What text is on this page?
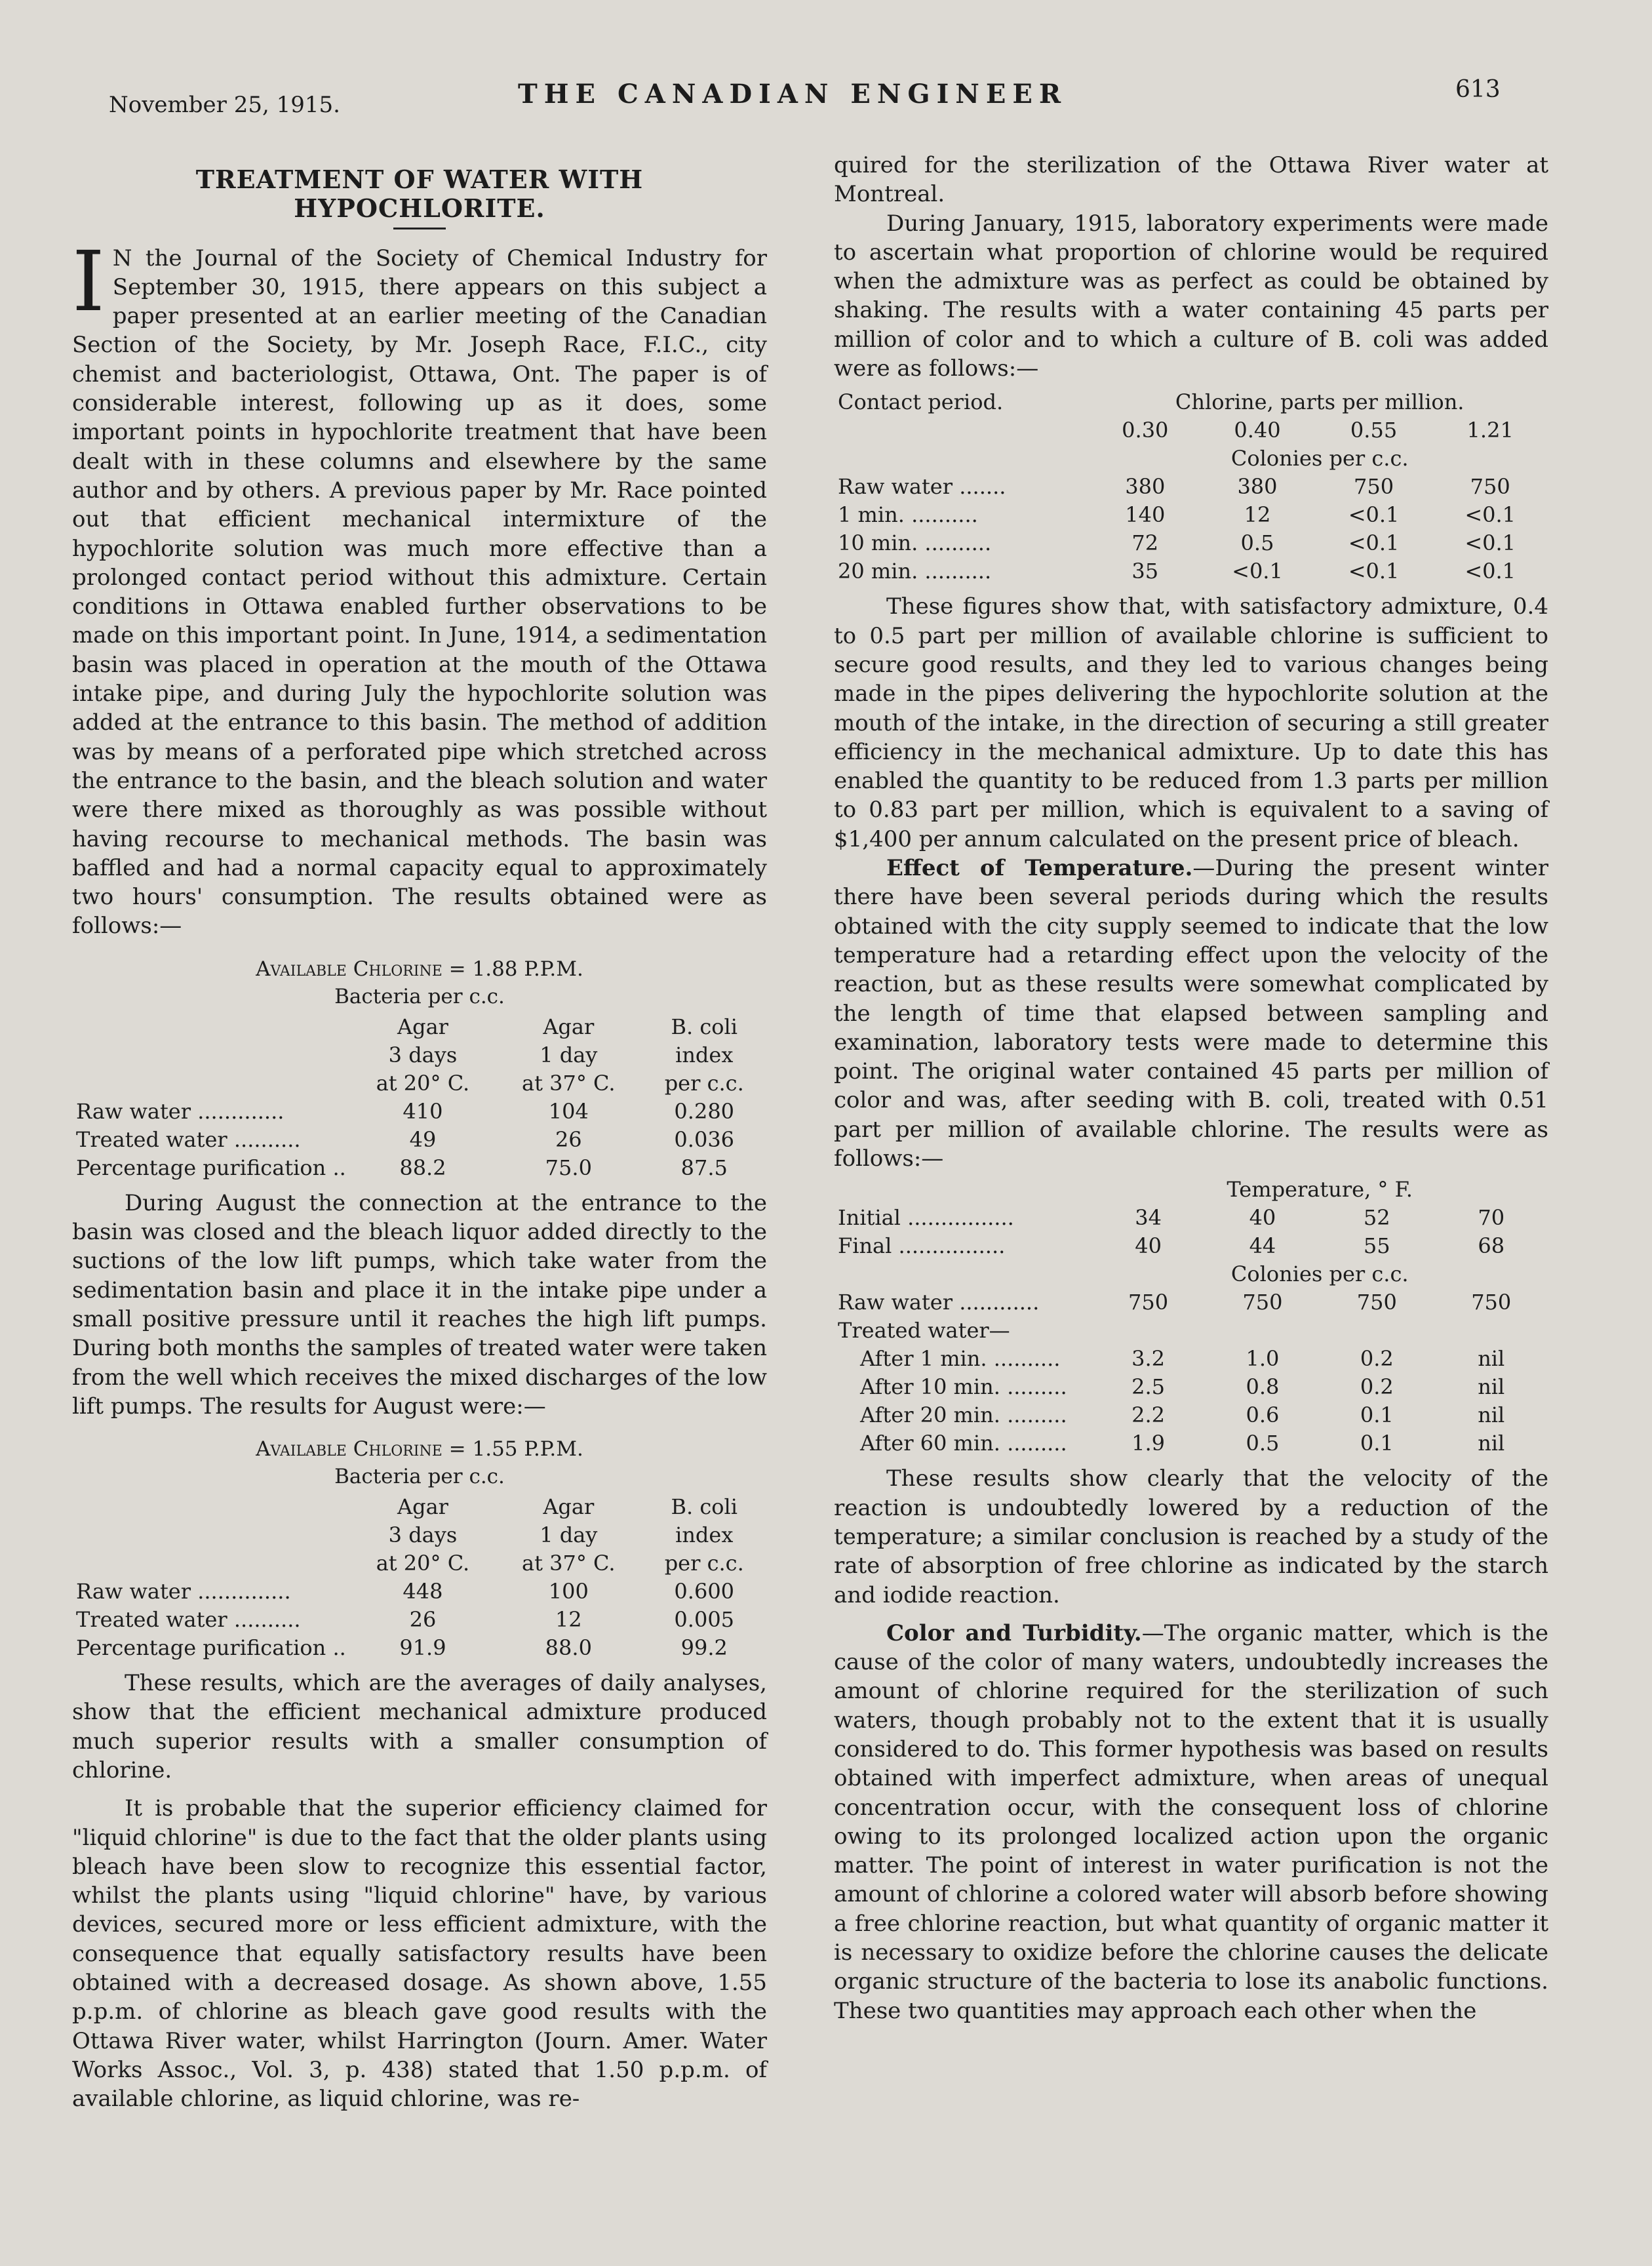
November 25, 1915.	THE CANADIAN ENGINEER	613
TREATMENT OF WATER WITH HYPOCHLORITE.

I N the Journal of the Society of Chemical Industry for September 30, 1915, there appears on this subject a paper presented at an earlier meeting of the Canadian Section of the Society, by Mr. Joseph Race, F.I.C., city chemist and bacteriologist, Ottawa, Ont. The paper is of considerable interest, following up as it does, some important points in hypochlorite treatment that have been dealt with in these columns and elsewhere by the same author and by others. A previous paper by Mr. Race pointed out that efficient mechanical intermixture of the hypochlorite solution was much more effective than a prolonged contact period without this admixture. Certain conditions in Ottawa enabled further observations to be made on this important point. In June, 1914, a sedimentation basin was placed in operation at the mouth of the Ottawa intake pipe, and during July the hypochlorite solution was added at the entrance to this basin. The method of addition was by means of a perforated pipe which stretched across the entrance to the basin, and the bleach solution and water were there mixed as thoroughly as was possible without having recourse to mechanical methods. The basin was baffled and had a normal capacity equal to approximately two hours' consumption. The results obtained were as follows:—

Available Chlorine = 1.88 P.P.M.
Bacteria per c.c.
	Agar	Agar	B. coli
	3 days	1 day	index
	at 20° C.	at 37° C.	per c.c.
Raw water .............	410	104	0.280
Treated water ..........	49	26	0.036
Percentage purification ..	88.2	75.0	87.5

During August the connection at the entrance to the basin was closed and the bleach liquor added directly to the suctions of the low lift pumps, which take water from the sedimentation basin and place it in the intake pipe under a small positive pressure until it reaches the high lift pumps. During both months the samples of treated water were taken from the well which receives the mixed discharges of the low lift pumps. The results for August were:—

Available Chlorine = 1.55 P.P.M.
Bacteria per c.c.
	Agar	Agar	B. coli
	3 days	1 day	index
	at 20° C.	at 37° C.	per c.c.
Raw water ..............	448	100	0.600
Treated water ..........	26	12	0.005
Percentage purification ..	91.9	88.0	99.2

These results, which are the averages of daily analyses, show that the efficient mechanical admixture produced much superior results with a smaller consumption of chlorine.

It is probable that the superior efficiency claimed for "liquid chlorine" is due to the fact that the older plants using bleach have been slow to recognize this essential factor, whilst the plants using "liquid chlorine" have, by various devices, secured more or less efficient admixture, with the consequence that equally satisfactory results have been obtained with a decreased dosage. As shown above, 1.55 p.p.m. of chlorine as bleach gave good results with the Ottawa River water, whilst Harrington (Journ. Amer. Water Works Assoc., Vol. 3, p. 438) stated that 1.50 p.p.m. of available chlorine, as liquid chlorine, was re-

quired for the sterilization of the Ottawa River water at Montreal.

During January, 1915, laboratory experiments were made to ascertain what proportion of chlorine would be required when the admixture was as perfect as could be obtained by shaking. The results with a water containing 45 parts per million of color and to which a culture of B. coli was added were as follows:—

Contact period.	Chlorine, parts per million.			
	0.30	0.40	0.55	1.21
	Colonies per c.c.			
Raw water .......	380	380	750	750
1 min. ..........	140	12	<0.1	<0.1
10 min. ..........	72	0.5	<0.1	<0.1
20 min. ..........	35	<0.1	<0.1	<0.1

These figures show that, with satisfactory admixture, 0.4 to 0.5 part per million of available chlorine is sufficient to secure good results, and they led to various changes being made in the pipes delivering the hypochlorite solution at the mouth of the intake, in the direction of securing a still greater efficiency in the mechanical admixture. Up to date this has enabled the quantity to be reduced from 1.3 parts per million to 0.83 part per million, which is equivalent to a saving of $1,400 per annum calculated on the present price of bleach.

Effect of Temperature.—During the present winter there have been several periods during which the results obtained with the city supply seemed to indicate that the low temperature had a retarding effect upon the velocity of the reaction, but as these results were somewhat complicated by the length of time that elapsed between sampling and examination, laboratory tests were made to determine this point. The original water contained 45 parts per million of color and was, after seeding with B. coli, treated with 0.51 part per million of available chlorine. The results were as follows:—

	Temperature, ° F.			
Initial ................	34	40	52	70
Final ................	40	44	55	68
	Colonies per c.c.			
Raw water ............	750	750	750	750
Treated water—				
After 1 min. ..........	3.2	1.0	0.2	nil
After 10 min. .........	2.5	0.8	0.2	nil
After 20 min. .........	2.2	0.6	0.1	nil
After 60 min. .........	1.9	0.5	0.1	nil

These results show clearly that the velocity of the reaction is undoubtedly lowered by a reduction of the temperature; a similar conclusion is reached by a study of the rate of absorption of free chlorine as indicated by the starch and iodide reaction.

Color and Turbidity.—The organic matter, which is the cause of the color of many waters, undoubtedly increases the amount of chlorine required for the sterilization of such waters, though probably not to the extent that it is usually considered to do. This former hypothesis was based on results obtained with imperfect admixture, when areas of unequal concentration occur, with the consequent loss of chlorine owing to its prolonged localized action upon the organic matter. The point of interest in water purification is not the amount of chlorine a colored water will absorb before showing a free chlorine reaction, but what quantity of organic matter it is necessary to oxidize before the chlorine causes the delicate organic structure of the bacteria to lose its anabolic functions. These two quantities may approach each other when the
